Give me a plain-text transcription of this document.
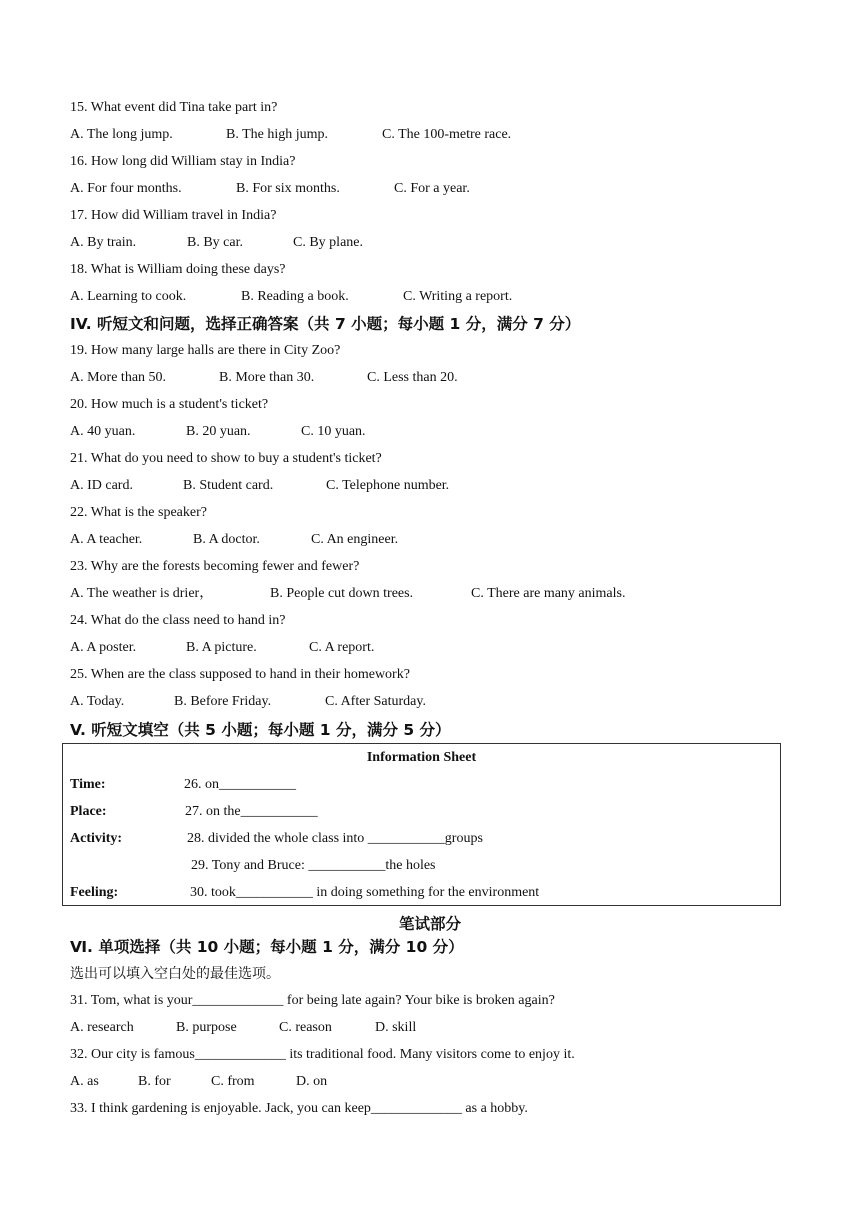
15. What event did Tina take part in?
A. The long jump.	B. The high jump.	C. The 100-metre race.
16. How long did William stay in India?
A. For four months.	B. For six months.	C. For a year.
17. How did William travel in India?
A. By train.	B. By car.	C. By plane.
18. What is William doing these days?
A. Learning to cook.	B. Reading a book.	C. Writing a report.
IV. 听短文和问题，选择正确答案（共 7 小题；每小题 1 分，满分 7 分）
19. How many large halls are there in City Zoo?
A. More than 50.	B. More than 30.	C. Less than 20.
20. How much is a student's ticket?
A. 40 yuan.	B. 20 yuan.	C. 10 yuan.
21. What do you need to show to buy a student's ticket?
A. ID card.	B. Student card.	C. Telephone number.
22. What is the speaker?
A. A teacher.	B. A doctor.	C. An engineer.
23. Why are the forests becoming fewer and fewer?
A. The weather is drier，	B. People cut down trees.	C. There are many animals.
24. What do the class need to hand in?
A. A poster.	B. A picture.	C. A report.
25. When are the class supposed to hand in their homework?
A. Today.	B. Before Friday.	C. After Saturday.
V. 听短文填空（共 5 小题；每小题 1 分，满分 5 分）
Information Sheet
Time:	26. on___________
Place:	27. on the___________
Activity:	28. divided the whole class into ___________groups
29. Tony and Bruce: ___________the holes
Feeling:	30. took___________ in doing something for the environment
笔试部分
Ⅵ. 单项选择（共 10 小题；每小题 1 分，满分 10 分）
选出可以填入空白处的最佳选项。
31. Tom, what is your_____________ for being late again? Your bike is broken again?
A. research	B. purpose	C. reason	D. skill
32. Our city is famous_____________ its traditional food. Many visitors come to enjoy it.
A. as	B. for	C. from	D. on
33. I think gardening is enjoyable. Jack, you can keep_____________ as a hobby.
